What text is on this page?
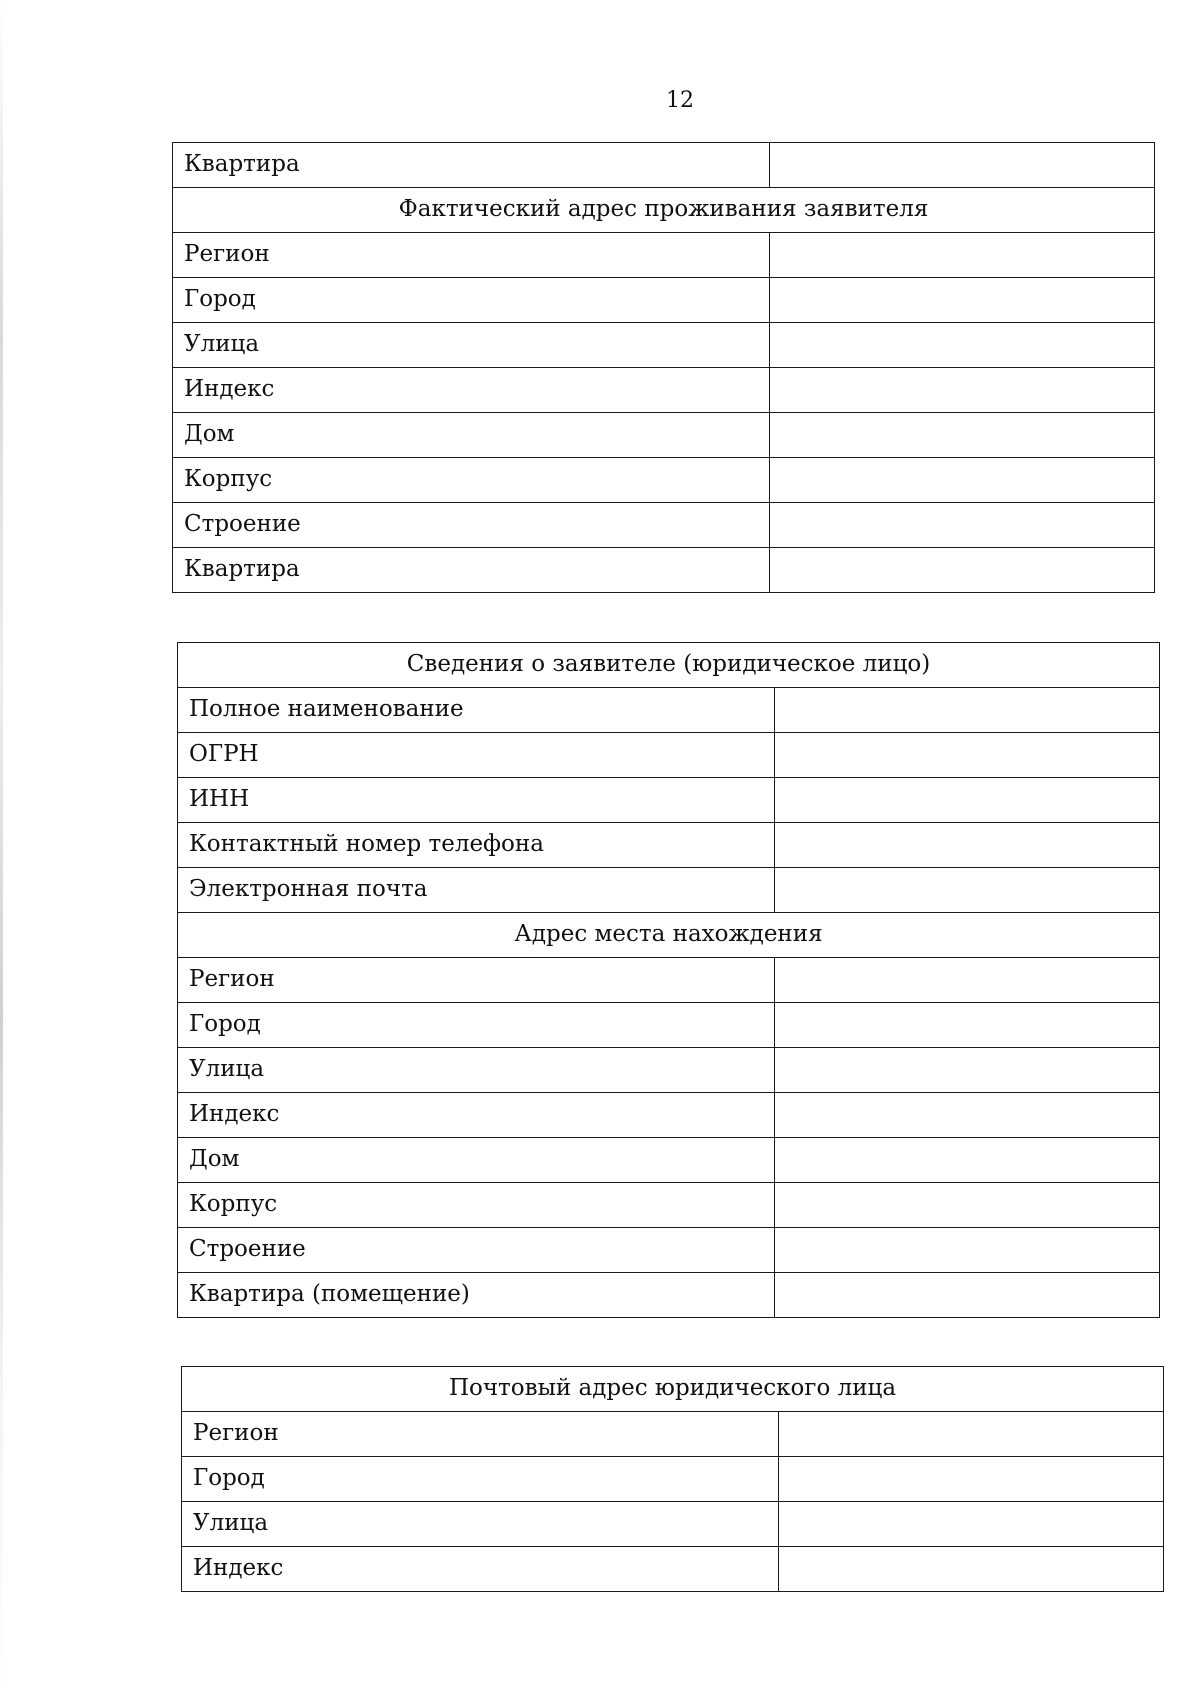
12
Квартира	
Фактический адрес проживания заявителя	
Регион	
Город	
Улица	
Индекс	
Дом	
Корпус	
Строение	
Квартира	
Сведения о заявителе (юридическое лицо)	
Полное наименование	
ОГРН	
ИНН	
Контактный номер телефона	
Электронная почта	
Адрес места нахождения	
Регион	
Город	
Улица	
Индекс	
Дом	
Корпус	
Строение	
Квартира (помещение)	
Почтовый адрес юридического лица	
Регион	
Город	
Улица	
Индекс	
